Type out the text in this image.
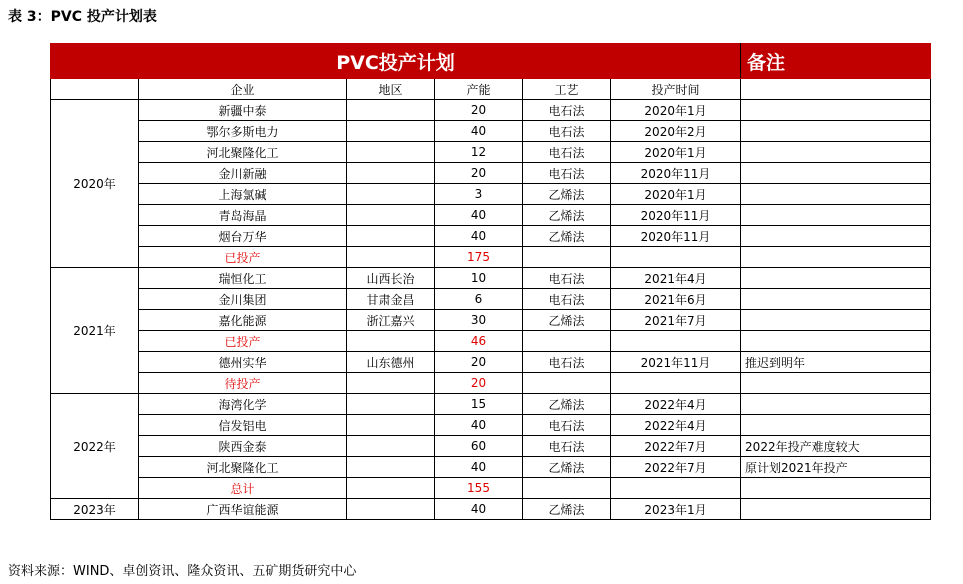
表 3：PVC 投产计划表
PVC投产计划						备注
	企业	地区	产能	工艺	投产时间	
2020年	新疆中泰		20	电石法	2020年1月	
	鄂尔多斯电力		40	电石法	2020年2月	
	河北聚隆化工		12	电石法	2020年1月	
	金川新融		20	电石法	2020年11月	
	上海氯碱		3	乙烯法	2020年1月	
	青岛海晶		40	乙烯法	2020年11月	
	烟台万华		40	乙烯法	2020年11月	
	已投产		175			
2021年	瑞恒化工	山西长治	10	电石法	2021年4月	
	金川集团	甘肃金昌	6	电石法	2021年6月	
	嘉化能源	浙江嘉兴	30	乙烯法	2021年7月	
	已投产		46			
	德州实华	山东德州	20	电石法	2021年11月	推迟到明年
	待投产		20			
2022年	海湾化学		15	乙烯法	2022年4月	
	信发铝电		40	电石法	2022年4月	
	陕西金泰		60	电石法	2022年7月	2022年投产难度较大
	河北聚隆化工		40	乙烯法	2022年7月	原计划2021年投产
	总计		155			
2023年	广西华谊能源		40	乙烯法	2023年1月	
资料来源：WIND、卓创资讯、隆众资讯、五矿期货研究中心
